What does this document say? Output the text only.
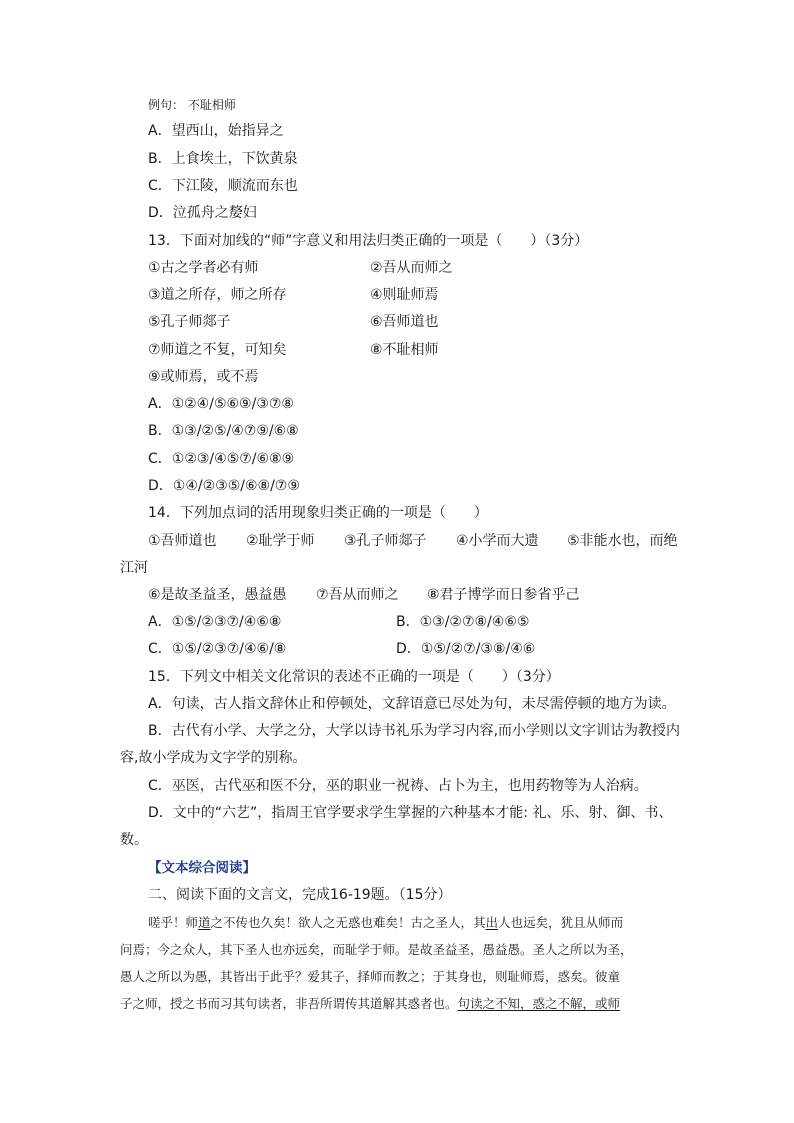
例句： 不耻相师
A．望西山，始指异之
B．上食埃土，下饮黄泉
C．下江陵，顺流而东也
D．泣孤舟之嫠妇
13．下面对加线的“师”字意义和用法归类正确的一项是（　　）（3分）
①古之学者必有师	②吾从而师之
③道之所存，师之所存	④则耻师焉
⑤孔子师郯子	⑥吾师道也
⑦师道之不复，可知矣	⑧不耻相师
⑨或师焉，或不焉
A．①②④/⑤⑥⑨/③⑦⑧
B．①③/②⑤/④⑦⑨/⑥⑧
C．①②③/④⑤⑦/⑥⑧⑨
D．①④/②③⑤/⑥⑧/⑦⑨
14．下列加点词的活用现象归类正确的一项是（　　）
①吾师道也 ②耻学于师 ③孔子师郯子 ④小学而大遗 ⑤非能水也，而绝
江河
⑥是故圣益圣，愚益愚 ⑦吾从而师之 ⑧君子博学而日参省乎己
A．①⑤/②③⑦/④⑥⑧	B．①③/②⑦⑧/④⑥⑤
C．①⑤/②③⑦/④⑥/⑧	D．①⑤/②⑦/③⑧/④⑥
15．下列文中相关文化常识的表述不正确的一项是（　　）（3分）
A．句读，古人指文辞休止和停顿处，文辞语意已尽处为句，未尽需停顿的地方为读。
B．古代有小学、大学之分，大学以诗书礼乐为学习内容,而小学则以文字训诂为教授内
容,故小学成为文字学的别称。
C．巫医，古代巫和医不分，巫的职业一祝祷、占卜为主，也用药物等为人治病。
D．文中的“六艺”，指周王官学要求学生掌握的六种基本才能: 礼、乐、射、御、书、
数。
【文本综合阅读】
二、阅读下面的文言文，完成16-19题。（15分）
嗟乎！师道之不传也久矣！欲人之无惑也难矣！古之圣人，其出人也远矣，犹且从师而
问焉；今之众人，其下圣人也亦远矣，而耻学于师。是故圣益圣，愚益愚。圣人之所以为圣，
愚人之所以为愚，其皆出于此乎？爱其子，择师而教之；于其身也，则耻师焉，惑矣。彼童
子之师，授之书而习其句读者，非吾所谓传其道解其惑者也。句读之不知，惑之不解，或师
